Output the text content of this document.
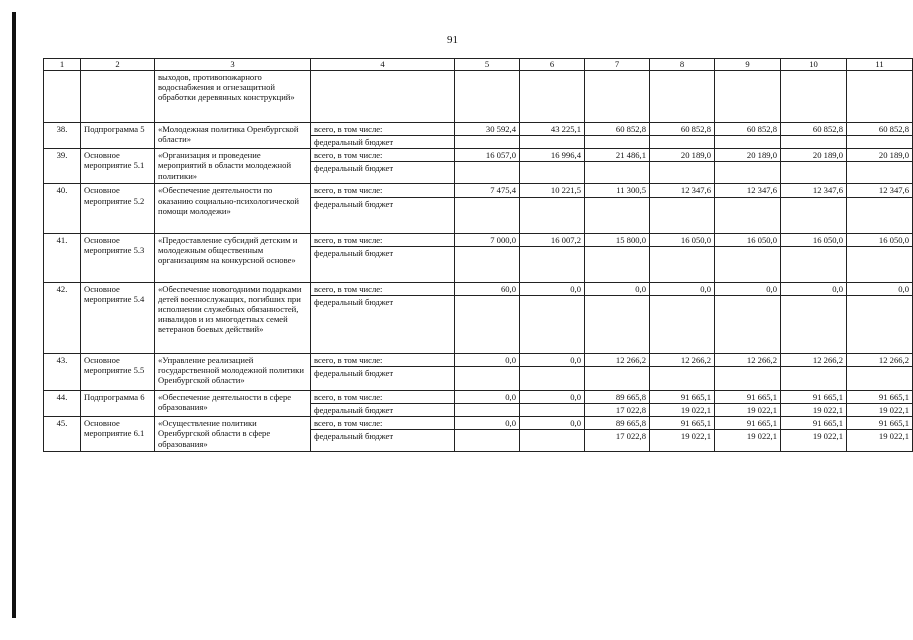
91
1	2	3	4	5	6	7	8	9	10	11
		выходов, противопожарного водоснабжения и огнезащитной обработки деревянных конструкций»								
38.	Подпрограмма 5	«Молодежная политика Оренбургской области»	всего, в том числе:	30 592,4	43 225,1	60 852,8	60 852,8	60 852,8	60 852,8	60 852,8
			федеральный бюджет							
39.	Основное мероприятие 5.1	«Организация и проведение мероприятий в области молодежной политики»	всего, в том числе:	16 057,0	16 996,4	21 486,1	20 189,0	20 189,0	20 189,0	20 189,0
			федеральный бюджет							
40.	Основное мероприятие 5.2	«Обеспечение деятельности по оказанию социально-психологической помощи молодежи»	всего, в том числе:	7 475,4	10 221,5	11 300,5	12 347,6	12 347,6	12 347,6	12 347,6
			федеральный бюджет							
41.	Основное мероприятие 5.3	«Предоставление субсидий детским и молодежным общественным организациям на конкурсной основе»	всего, в том числе:	7 000,0	16 007,2	15 800,0	16 050,0	16 050,0	16 050,0	16 050,0
			федеральный бюджет							
42.	Основное мероприятие 5.4	«Обеспечение новогодними подарками детей военнослужащих, погибших при исполнении служебных обязанностей, инвалидов и из многодетных семей ветеранов боевых действий»	всего, в том числе:	60,0	0,0	0,0	0,0	0,0	0,0	0,0
			федеральный бюджет							
43.	Основное мероприятие 5.5	«Управление реализацией государственной молодежной политики Оренбургской области»	всего, в том числе:	0,0	0,0	12 266,2	12 266,2	12 266,2	12 266,2	12 266,2
			федеральный бюджет							
44.	Подпрограмма 6	«Обеспечение деятельности в сфере образования»	всего, в том числе:	0,0	0,0	89 665,8	91 665,1	91 665,1	91 665,1	91 665,1
			федеральный бюджет			17 022,8	19 022,1	19 022,1	19 022,1	19 022,1
45.	Основное мероприятие 6.1	«Осуществление политики Оренбургской области в сфере образования»	всего, в том числе:	0,0	0,0	89 665,8	91 665,1	91 665,1	91 665,1	91 665,1
			федеральный бюджет			17 022,8	19 022,1	19 022,1	19 022,1	19 022,1
